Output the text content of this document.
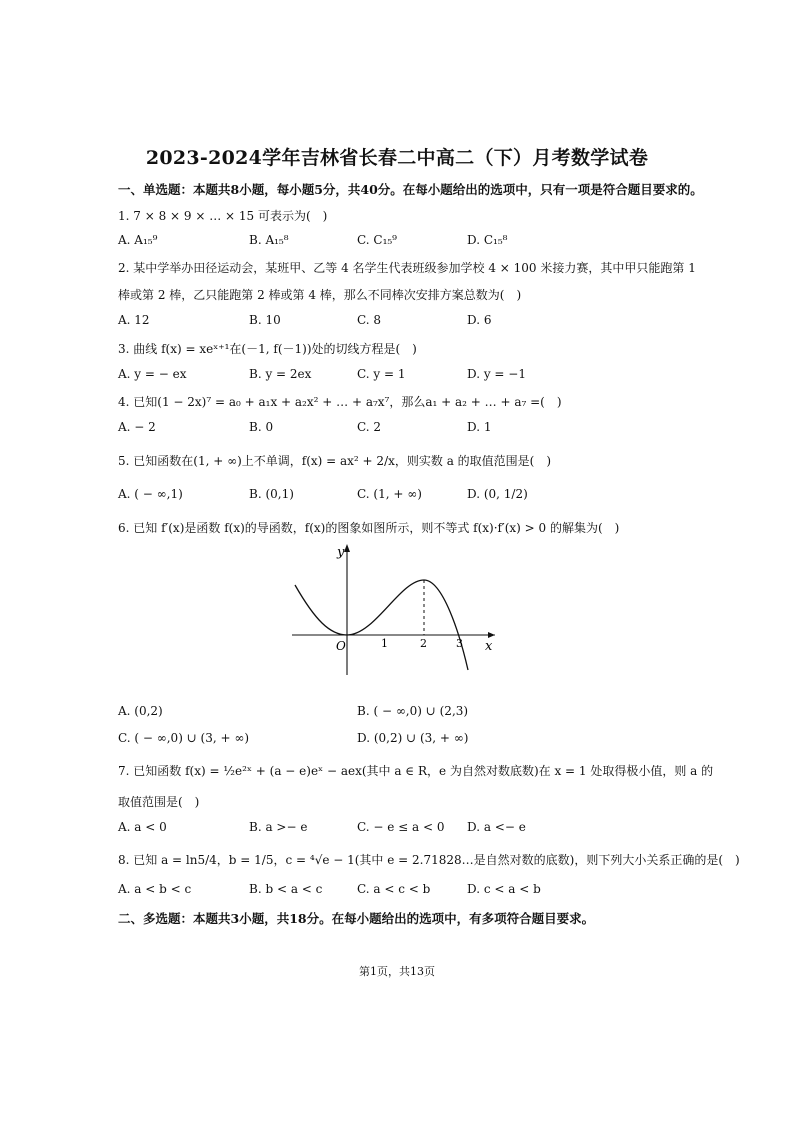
2023-2024学年吉林省长春二中高二（下）月考数学试卷
一、单选题：本题共8小题，每小题5分，共40分。在每小题给出的选项中，只有一项是符合题目要求的。
1. 7 × 8 × 9 × … × 15 可表示为(　)
A. A₁₅⁹	B. A₁₅⁸	C. C₁₅⁹	D. C₁₅⁸
2. 某中学举办田径运动会，某班甲、乙等 4 名学生代表班级参加学校 4 × 100 米接力赛，其中甲只能跑第 1
棒或第 2 棒，乙只能跑第 2 棒或第 4 棒，那么不同棒次安排方案总数为(　)
A. 12	B. 10	C. 8	D. 6
3. 曲线 f(x) = xeˣ⁺¹在(－1, f(－1))处的切线方程是(　)
A. y = − ex	B. y = 2ex	C. y = 1	D. y = −1
4. 已知(1 − 2x)⁷ = a₀ + a₁x + a₂x² + … + a₇x⁷，那么a₁ + a₂ + … + a₇ =(　)
A. − 2	B. 0	C. 2	D. 1
5. 已知函数在(1, + ∞)上不单调，f(x) = ax² + 2/x，则实数 a 的取值范围是(　)
A. ( − ∞,1)	B. (0,1)	C. (1, + ∞)	D. (0, 1/2)
6. 已知 f′(x)是函数 f(x)的导函数，f(x)的图象如图所示，则不等式 f(x)·f′(x) > 0 的解集为(　)
y
x
O	1	2	3
A. (0,2)	B. ( − ∞,0) ∪ (2,3)
C. ( − ∞,0) ∪ (3, + ∞)	D. (0,2) ∪ (3, + ∞)
7. 已知函数 f(x) = ½e²ˣ + (a − e)eˣ − aex(其中 a ∈ R，e 为自然对数底数)在 x = 1 处取得极小值，则 a 的
取值范围是(　)
A. a < 0	B. a >− e	C. − e ≤ a < 0 D. a <− e
8. 已知 a = ln5/4，b = 1/5，c = ⁴√e − 1(其中 e = 2.71828…是自然对数的底数)，则下列大小关系正确的是(　)
A. a < b < c	B. b < a < c	C. a < c < b	D. c < a < b
二、多选题：本题共3小题，共18分。在每小题给出的选项中，有多项符合题目要求。
第1页，共13页
